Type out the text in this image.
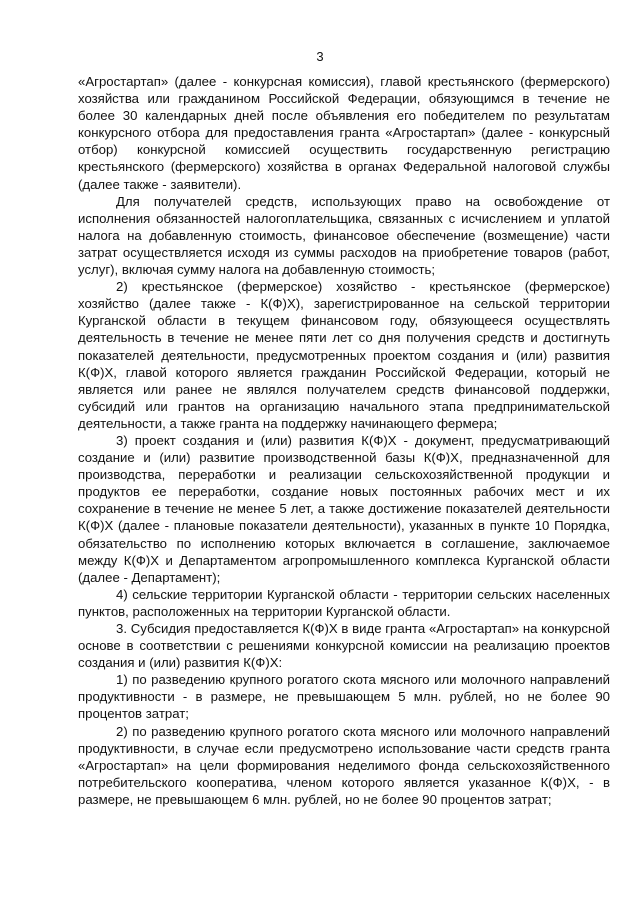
3

«Агростартап» (далее - конкурсная комиссия), главой крестьянского (фермерского) хозяйства или гражданином Российской Федерации, обязующимся в течение не более 30 календарных дней после объявления его победителем по результатам конкурсного отбора для предоставления гранта «Агростартап» (далее - конкурсный отбор) конкурсной комиссией осуществить государственную регистрацию крестьянского (фермерского) хозяйства в органах Федеральной налоговой службы (далее также - заявители).

Для получателей средств, использующих право на освобождение от исполнения обязанностей налогоплательщика, связанных с исчислением и уплатой налога на добавленную стоимость, финансовое обеспечение (возмещение) части затрат осуществляется исходя из суммы расходов на приобретение товаров (работ, услуг), включая сумму налога на добавленную стоимость;

2) крестьянское (фермерское) хозяйство - крестьянское (фермерское) хозяйство (далее также - К(Ф)Х), зарегистрированное на сельской территории Курганской области в текущем финансовом году, обязующееся осуществлять деятельность в течение не менее пяти лет со дня получения средств и достигнуть показателей деятельности, предусмотренных проектом создания и (или) развития К(Ф)Х, главой которого является гражданин Российской Федерации, который не является или ранее не являлся получателем средств финансовой поддержки, субсидий или грантов на организацию начального этапа предпринимательской деятельности, а также гранта на поддержку начинающего фермера;

3) проект создания и (или) развития К(Ф)Х - документ, предусматривающий создание и (или) развитие производственной базы К(Ф)Х, предназначенной для производства, переработки и реализации сельскохозяйственной продукции и продуктов ее переработки, создание новых постоянных рабочих мест и их сохранение в течение не менее 5 лет, а также достижение показателей деятельности К(Ф)Х (далее - плановые показатели деятельности), указанных в пункте 10 Порядка, обязательство по исполнению которых включается в соглашение, заключаемое между К(Ф)Х и Департаментом агропромышленного комплекса Курганской области (далее - Департамент);

4) сельские территории Курганской области - территории сельских населенных пунктов, расположенных на территории Курганской области.

3. Субсидия предоставляется К(Ф)Х в виде гранта «Агростартап» на конкурсной основе в соответствии с решениями конкурсной комиссии на реализацию проектов создания и (или) развития К(Ф)Х:

1) по разведению крупного рогатого скота мясного или молочного направлений продуктивности - в размере, не превышающем 5 млн. рублей, но не более 90 процентов затрат;

2) по разведению крупного рогатого скота мясного или молочного направлений продуктивности, в случае если предусмотрено использование части средств гранта «Агростартап» на цели формирования неделимого фонда сельскохозяйственного потребительского кооператива, членом которого является указанное К(Ф)Х, - в размере, не превышающем 6 млн. рублей, но не более 90 процентов затрат;
